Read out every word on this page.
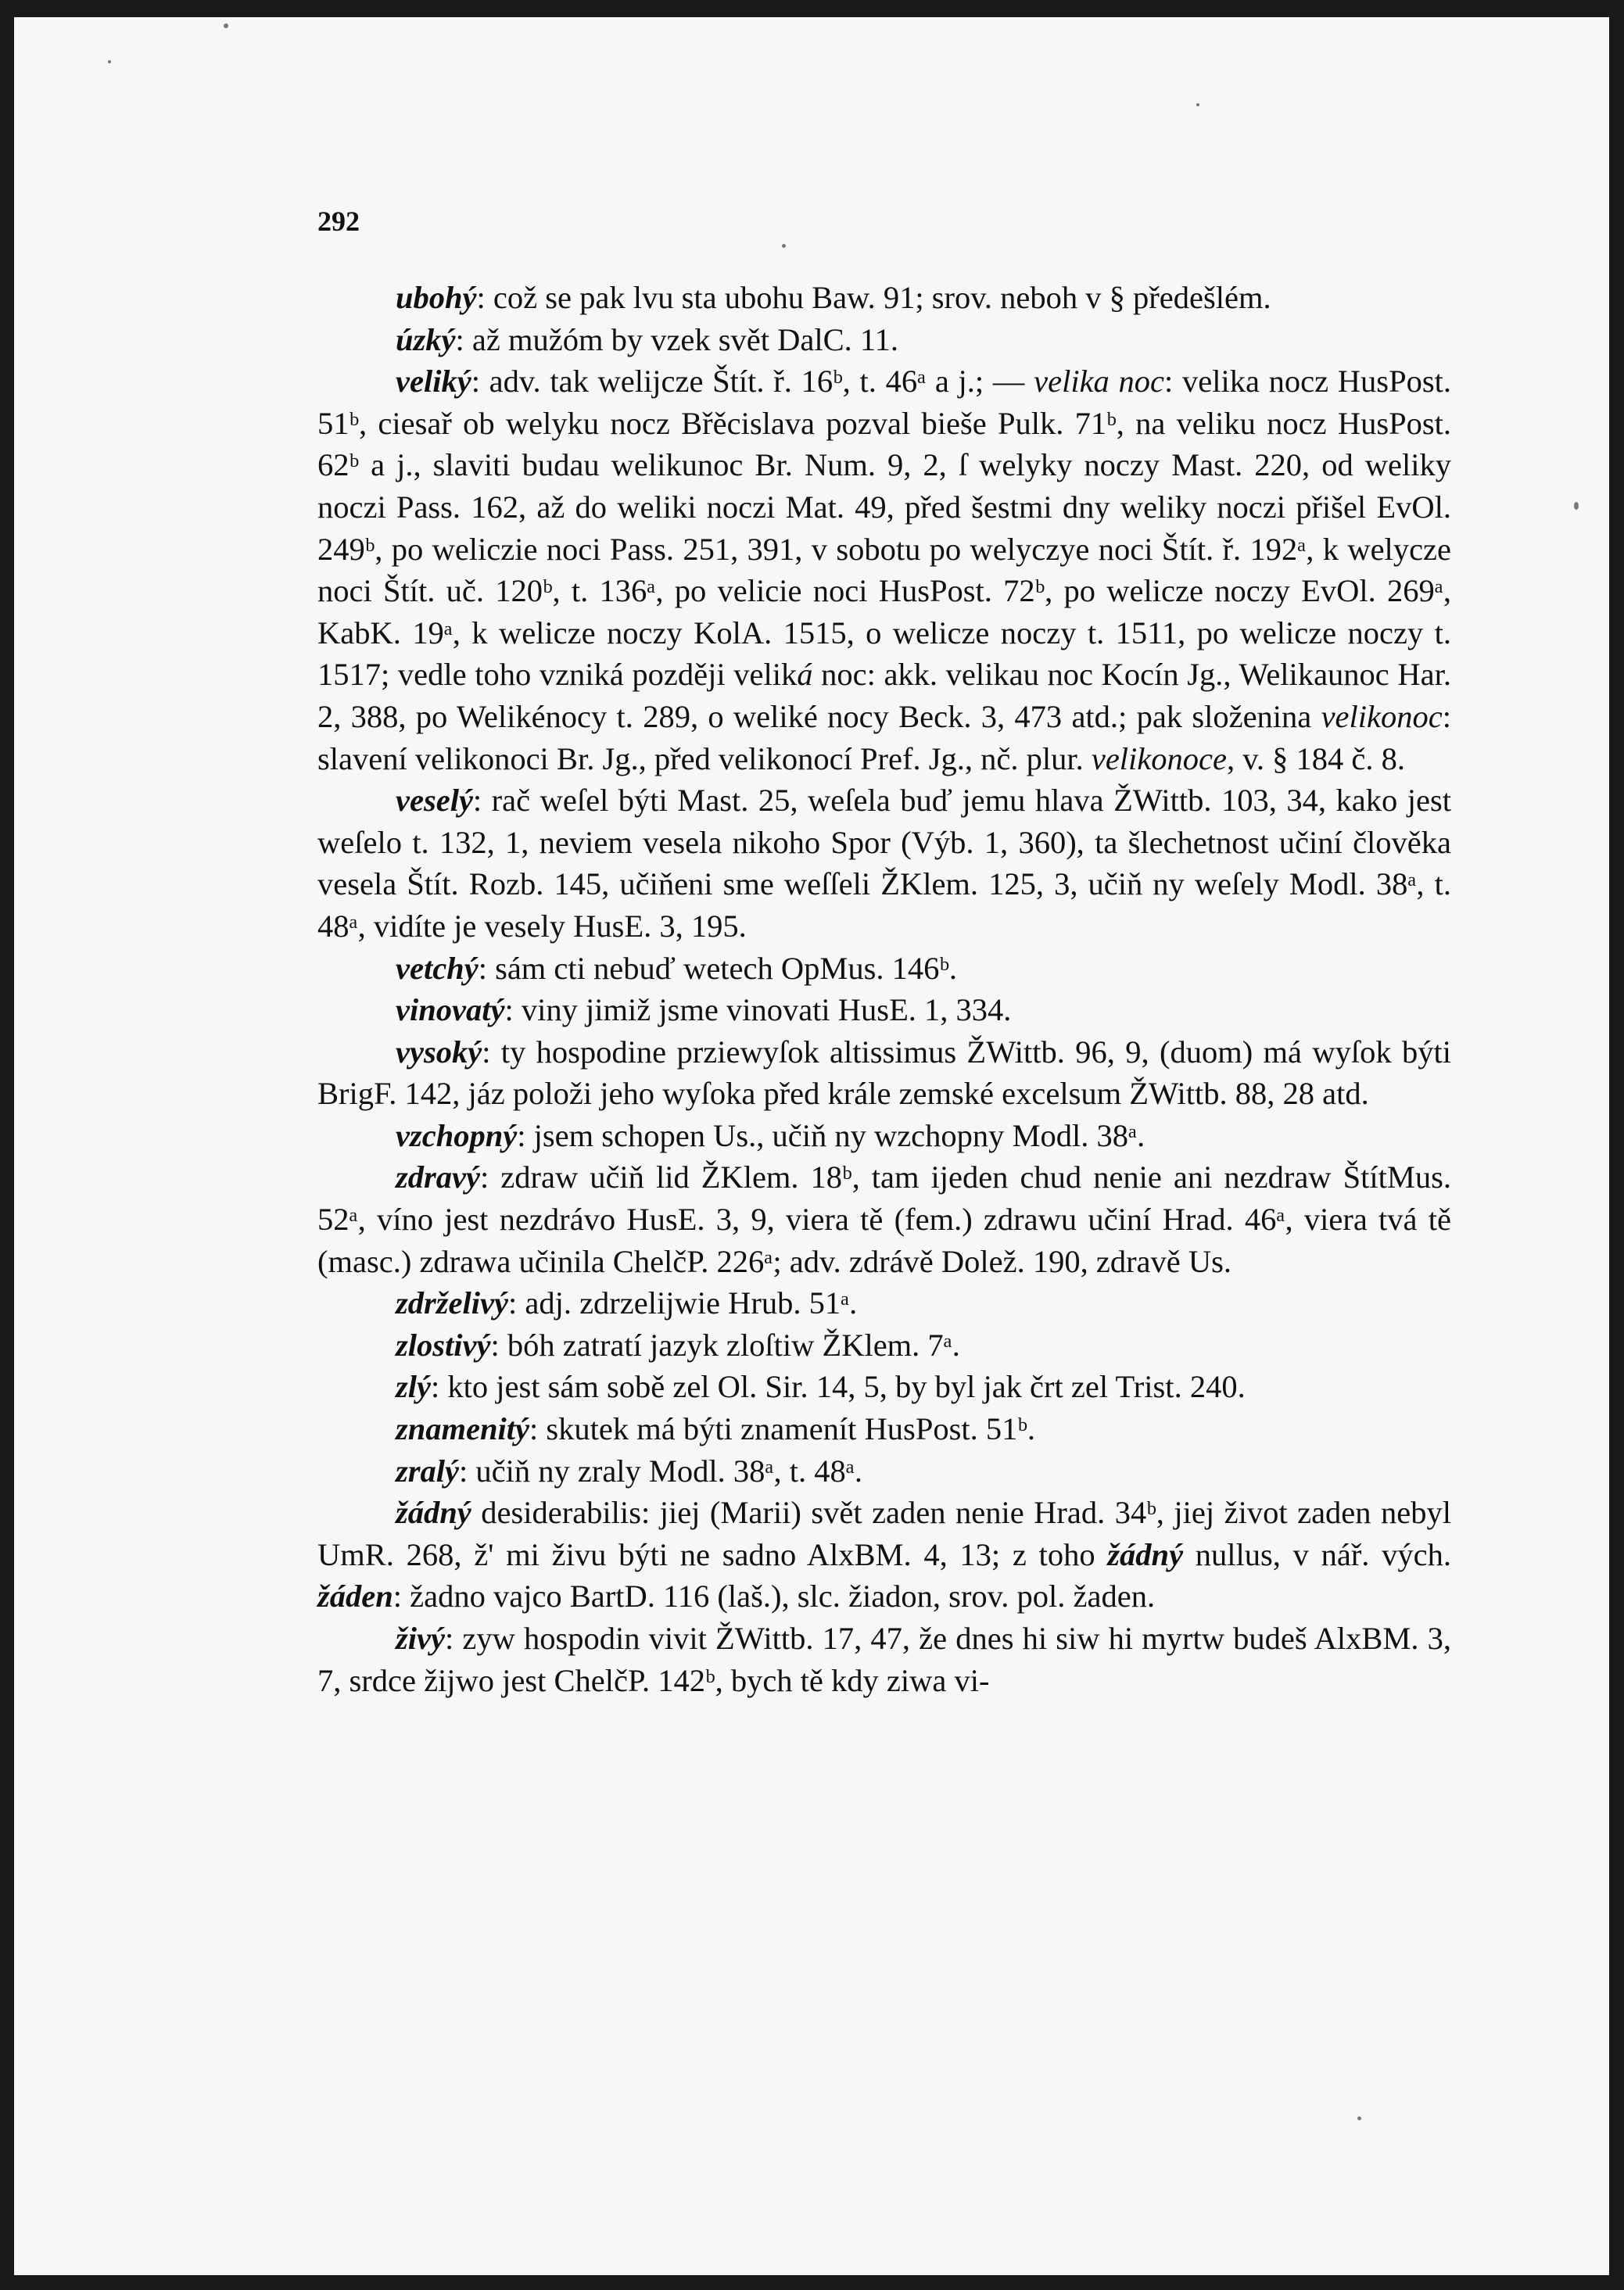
292

ubohý: což se pak lvu sta ubohu Baw. 91; srov. neboh v § předešlém.

úzký: až mužóm by vzek svět DalC. 11.

veliký: adv. tak welijcze Štít. ř. 16ᵇ, t. 46ᵃ a j.; — velika noc: velika nocz HusPost. 51ᵇ, ciesař ob welyku nocz Břěcislava pozval bieše Pulk. 71ᵇ, na veliku nocz HusPost. 62ᵇ a j., slaviti budau welikunoc Br. Num. 9, 2, ſ welyky noczy Mast. 220, od weliky noczi Pass. 162, až do weliki noczi Mat. 49, před šestmi dny weliky noczi přišel EvOl. 249ᵇ, po weliczie noci Pass. 251, 391, v sobotu po welyczye noci Štít. ř. 192ᵃ, k welycze noci Štít. uč. 120ᵇ, t. 136ᵃ, po velicie noci HusPost. 72ᵇ, po welicze noczy EvOl. 269ᵃ, KabK. 19ᵃ, k welicze noczy KolA. 1515, o welicze noczy t. 1511, po welicze noczy t. 1517; vedle toho vzniká později veliká noc: akk. velikau noc Kocín Jg., Welikaunoc Har. 2, 388, po Welikénocy t. 289, o weliké nocy Beck. 3, 473 atd.; pak složenina velikonoc: slavení velikonoci Br. Jg., před velikonocí Pref. Jg., nč. plur. velikonoce, v. § 184 č. 8.

veselý: rač weſel býti Mast. 25, weſela buď jemu hlava ŽWittb. 103, 34, kako jest weſelo t. 132, 1, neviem vesela nikoho Spor (Výb. 1, 360), ta šlechetnost učiní člověka vesela Štít. Rozb. 145, učiňeni sme weſſeli ŽKlem. 125, 3, učiň ny weſely Modl. 38ᵃ, t. 48ᵃ, vidíte je vesely HusE. 3, 195.

vetchý: sám cti nebuď wetech OpMus. 146ᵇ.

vinovatý: viny jimiž jsme vinovati HusE. 1, 334.

vysoký: ty hospodine prziewyſok altissimus ŽWittb. 96, 9, (duom) má wyſok býti BrigF. 142, jáz položi jeho wyſoka před krále zemské excelsum ŽWittb. 88, 28 atd.

vzchopný: jsem schopen Us., učiň ny wzchopny Modl. 38ᵃ.

zdravý: zdraw učiň lid ŽKlem. 18ᵇ, tam ijeden chud nenie ani nezdraw ŠtítMus. 52ᵃ, víno jest nezdrávo HusE. 3, 9, viera tě (fem.) zdrawu učiní Hrad. 46ᵃ, viera tvá tě (masc.) zdrawa učinila ChelčP. 226ᵃ; adv. zdrávě Dolež. 190, zdravě Us.

zdrželivý: adj. zdrzelijwie Hrub. 51ᵃ.

zlostivý: bóh zatratí jazyk zloſtiw ŽKlem. 7ᵃ.

zlý: kto jest sám sobě zel Ol. Sir. 14, 5, by byl jak črt zel Trist. 240.

znamenitý: skutek má býti znamenít HusPost. 51ᵇ.

zralý: učiň ny zraly Modl. 38ᵃ, t. 48ᵃ.

žádný desiderabilis: jiej (Marii) svět zaden nenie Hrad. 34ᵇ, jiej život zaden nebyl UmR. 268, ž' mi živu býti ne sadno AlxBM. 4, 13; z toho žádný nullus, v nář. vých. žáden: žadno vajco BartD. 116 (laš.), slc. žiadon, srov. pol. žaden.

živý: zyw hospodin vivit ŽWittb. 17, 47, že dnes hi siw hi myrtw budeš AlxBM. 3, 7, srdce žijwo jest ChelčP. 142ᵇ, bych tě kdy ziwa vi-
